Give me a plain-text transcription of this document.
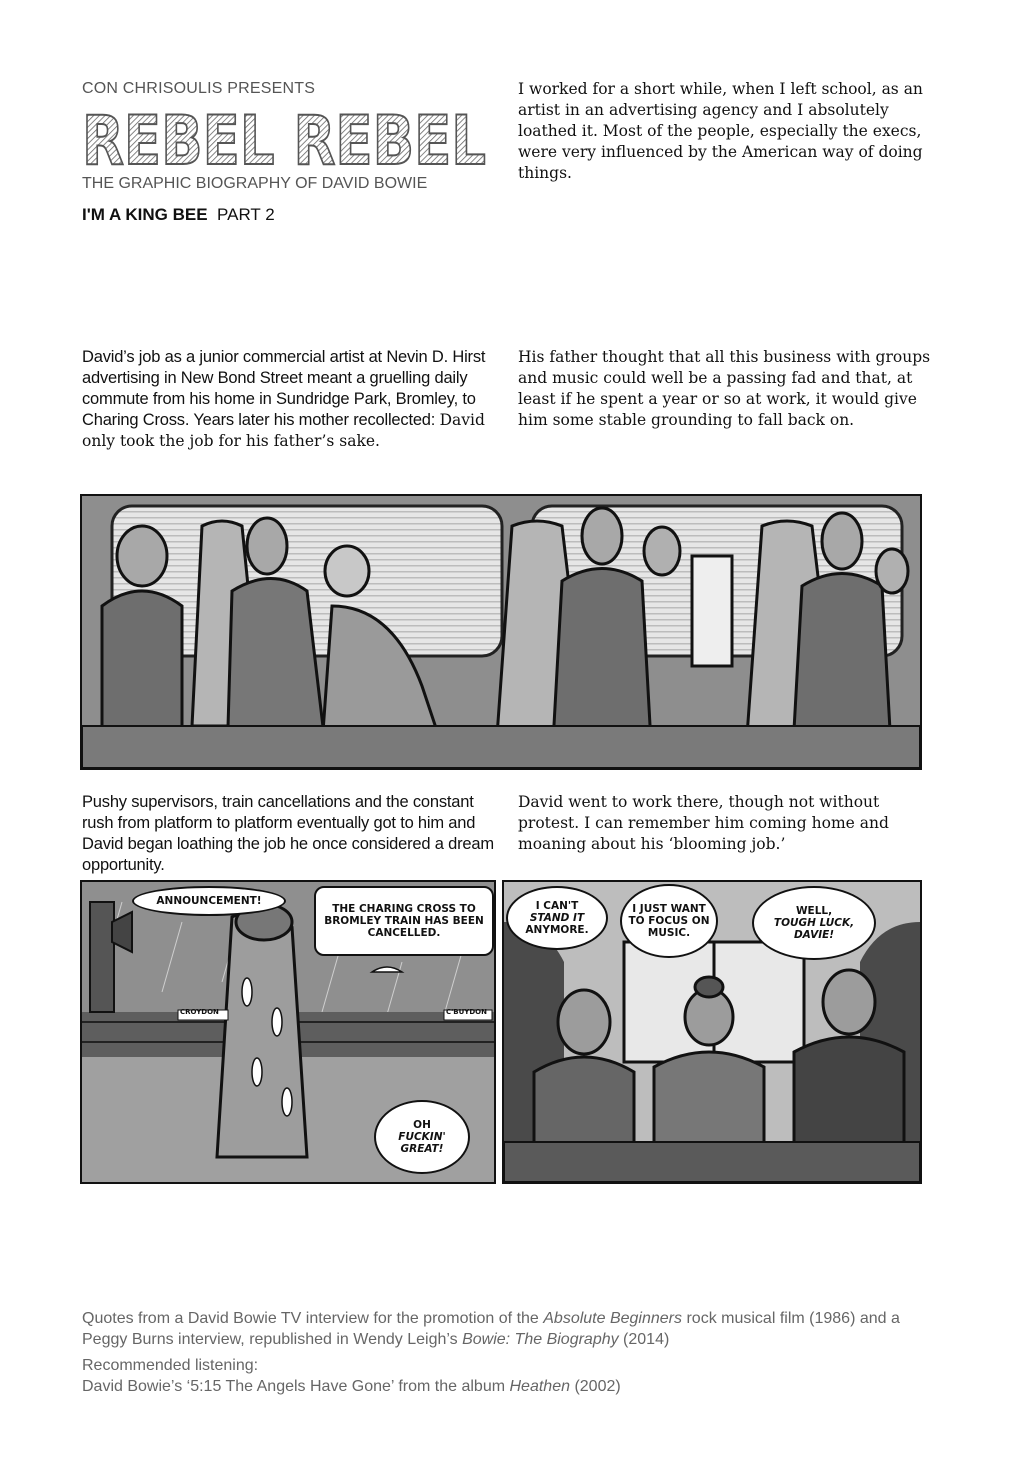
CON CHRISOULIS PRESENTS
REBEL REBEL
THE GRAPHIC BIOGRAPHY OF DAVID BOWIE
I'M A KING BEE PART 2
I worked for a short while, when I left school, as an artist in an advertising agency and I absolutely loathed it. Most of the people, especially the execs, were very influenced by the American way of doing things.
David’s job as a junior commercial artist at Nevin D. Hirst advertising in New Bond Street meant a gruelling daily commute from his home in Sundridge Park, Bromley, to Charing Cross. Years later his mother recollected: David only took the job for his father’s sake.
His father thought that all this business with groups and music could well be a passing fad and that, at least if he spent a year or so at work, it would give him some stable grounding to fall back on.
Pushy supervisors, train cancellations and the constant rush from platform to platform eventually got to him and David began loathing the job he once considered a dream opportunity.
David went to work there, though not without protest. I can remember him coming home and moaning about his ‘blooming job.’
ANNOUNCEMENT!
THE CHARING CROSS TO BROMLEY TRAIN HAS BEEN CANCELLED.
CROYDON	C'BUYDON
OH
FUCKIN'
GREAT!
I CAN'T
STAND IT
ANYMORE.
I JUST WANT TO FOCUS ON MUSIC.
WELL,
TOUGH LUCK,
DAVIE!
Quotes from a David Bowie TV interview for the promotion of the Absolute Beginners rock musical film (1986) and a Peggy Burns interview, republished in Wendy Leigh’s Bowie: The Biography (2014)
Recommended listening:
David Bowie’s ‘5:15 The Angels Have Gone’ from the album Heathen (2002)
